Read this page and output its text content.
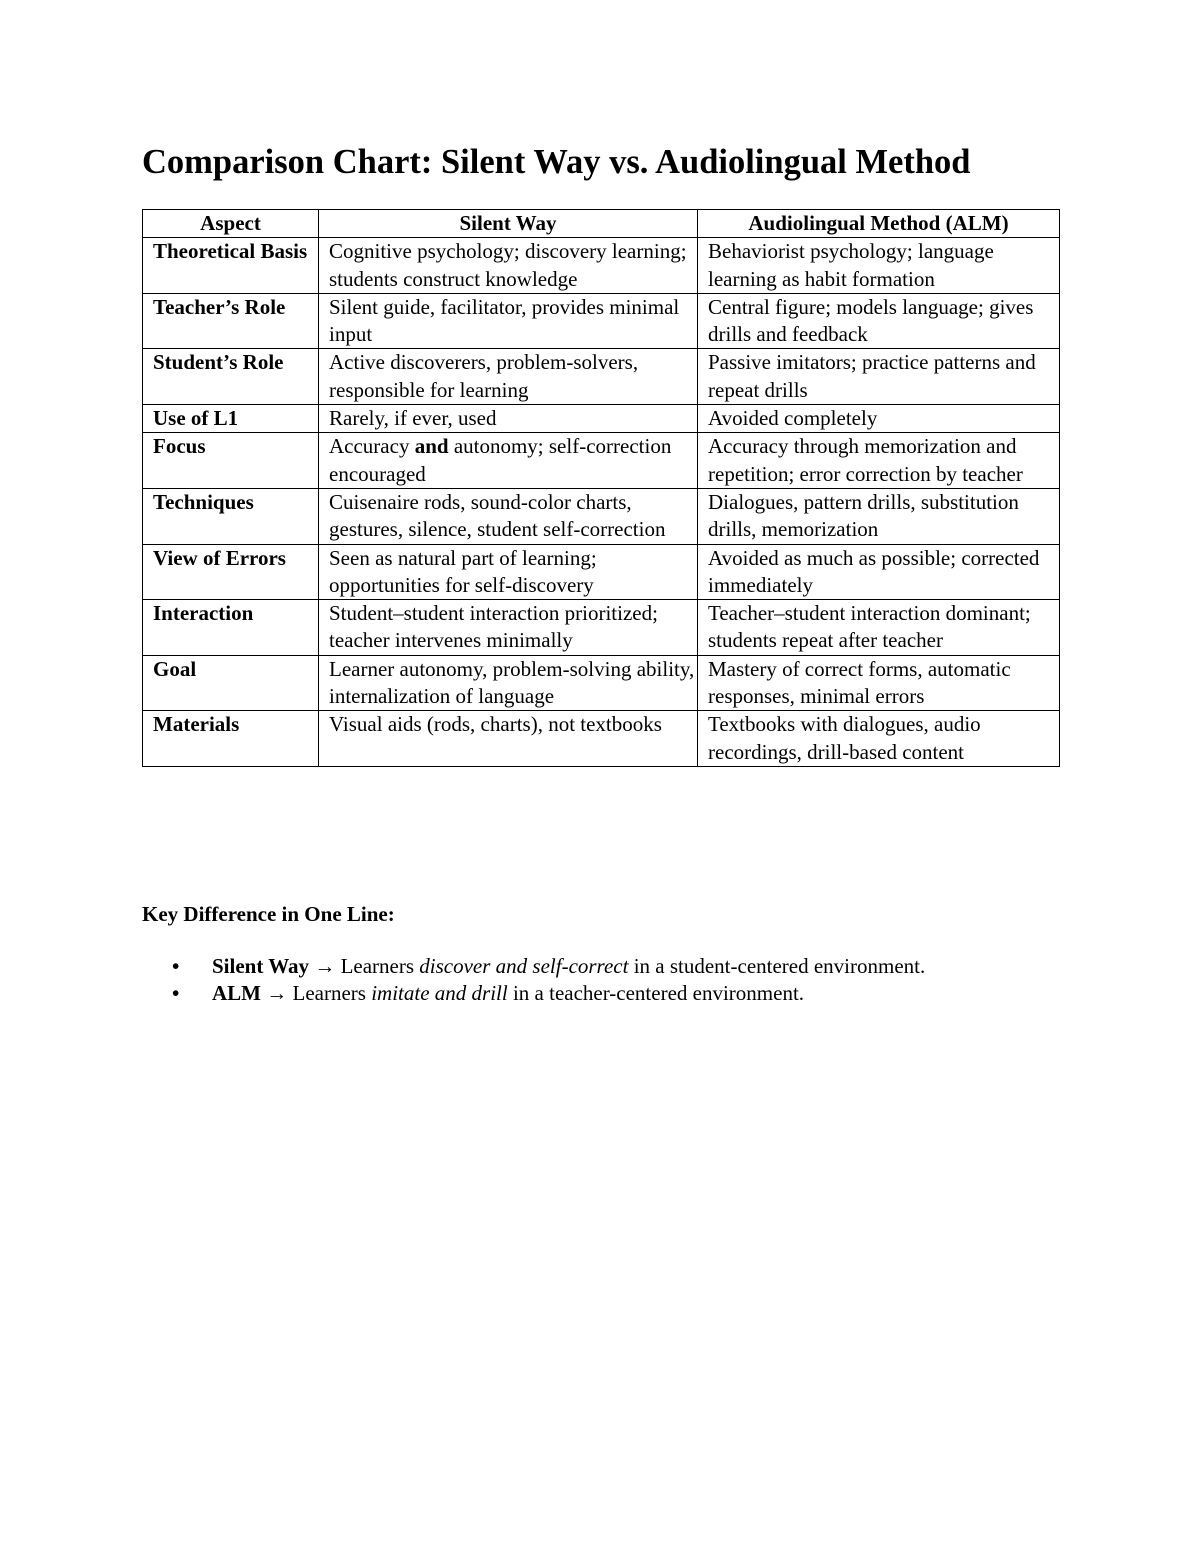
Comparison Chart: Silent Way vs. Audiolingual Method
Aspect	Silent Way	Audiolingual Method (ALM)
Theoretical Basis	Cognitive psychology; discovery learning; students construct knowledge	Behaviorist psychology; language learning as habit formation
Teacher’s Role	Silent guide, facilitator, provides minimal input	Central figure; models language; gives drills and feedback
Student’s Role	Active discoverers, problem-solvers, responsible for learning	Passive imitators; practice patterns and repeat drills
Use of L1	Rarely, if ever, used	Avoided completely
Focus	Accuracy and autonomy; self-correction encouraged	Accuracy through memorization and repetition; error correction by teacher
Techniques	Cuisenaire rods, sound-color charts, gestures, silence, student self-correction	Dialogues, pattern drills, substitution drills, memorization
View of Errors	Seen as natural part of learning; opportunities for self-discovery	Avoided as much as possible; corrected immediately
Interaction	Student–student interaction prioritized; teacher intervenes minimally	Teacher–student interaction dominant; students repeat after teacher
Goal	Learner autonomy, problem-solving ability, internalization of language	Mastery of correct forms, automatic responses, minimal errors
Materials	Visual aids (rods, charts), not textbooks	Textbooks with dialogues, audio recordings, drill-based content

Key Difference in One Line:

• Silent Way → Learners discover and self-correct in a student-centered environment.
• ALM → Learners imitate and drill in a teacher-centered environment.
